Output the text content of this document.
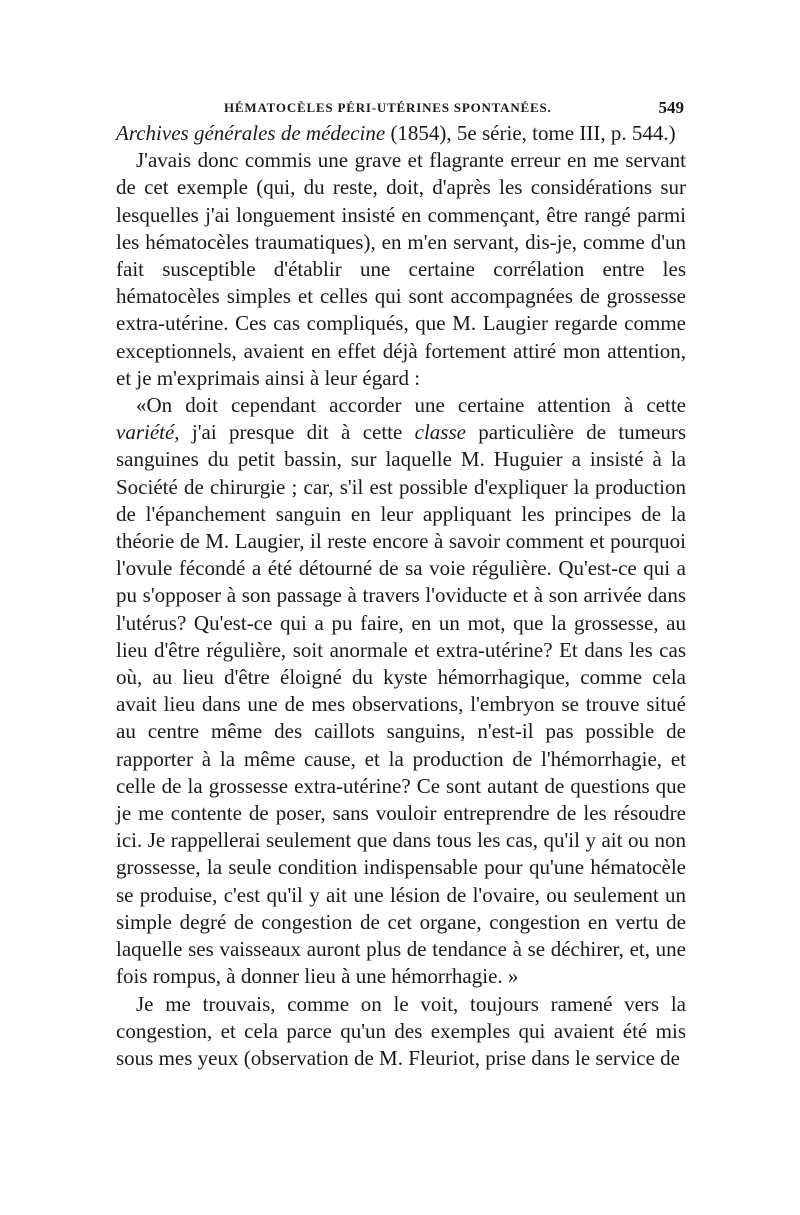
HÉMATOCÈLES PÉRI-UTÉRINES SPONTANÉES.	549

Archives générales de médecine (1854), 5e série, tome III, p. 544.)

J'avais donc commis une grave et flagrante erreur en me servant de cet exemple (qui, du reste, doit, d'après les considérations sur lesquelles j'ai longuement insisté en commençant, être rangé parmi les hématocèles traumatiques), en m'en servant, dis-je, comme d'un fait susceptible d'établir une certaine corrélation entre les hématocèles simples et celles qui sont accompagnées de grossesse extra-utérine. Ces cas compliqués, que M. Laugier regarde comme exceptionnels, avaient en effet déjà fortement attiré mon attention, et je m'exprimais ainsi à leur égard :

«On doit cependant accorder une certaine attention à cette variété, j'ai presque dit à cette classe particulière de tumeurs sanguines du petit bassin, sur laquelle M. Huguier a insisté à la Société de chirurgie ; car, s'il est possible d'expliquer la production de l'épanchement sanguin en leur appliquant les principes de la théorie de M. Laugier, il reste encore à savoir comment et pourquoi l'ovule fécondé a été détourné de sa voie régulière. Qu'est-ce qui a pu s'opposer à son passage à travers l'oviducte et à son arrivée dans l'utérus? Qu'est-ce qui a pu faire, en un mot, que la grossesse, au lieu d'être régulière, soit anormale et extra-utérine? Et dans les cas où, au lieu d'être éloigné du kyste hémorrhagique, comme cela avait lieu dans une de mes observations, l'embryon se trouve situé au centre même des caillots sanguins, n'est-il pas possible de rapporter à la même cause, et la production de l'hémorrhagie, et celle de la grossesse extra-utérine? Ce sont autant de questions que je me contente de poser, sans vouloir entreprendre de les résoudre ici. Je rappellerai seulement que dans tous les cas, qu'il y ait ou non grossesse, la seule condition indispensable pour qu'une hématocèle se produise, c'est qu'il y ait une lésion de l'ovaire, ou seulement un simple degré de congestion de cet organe, congestion en vertu de laquelle ses vaisseaux auront plus de tendance à se déchirer, et, une fois rompus, à donner lieu à une hémorrhagie. »

Je me trouvais, comme on le voit, toujours ramené vers la congestion, et cela parce qu'un des exemples qui avaient été mis sous mes yeux (observation de M. Fleuriot, prise dans le service de
